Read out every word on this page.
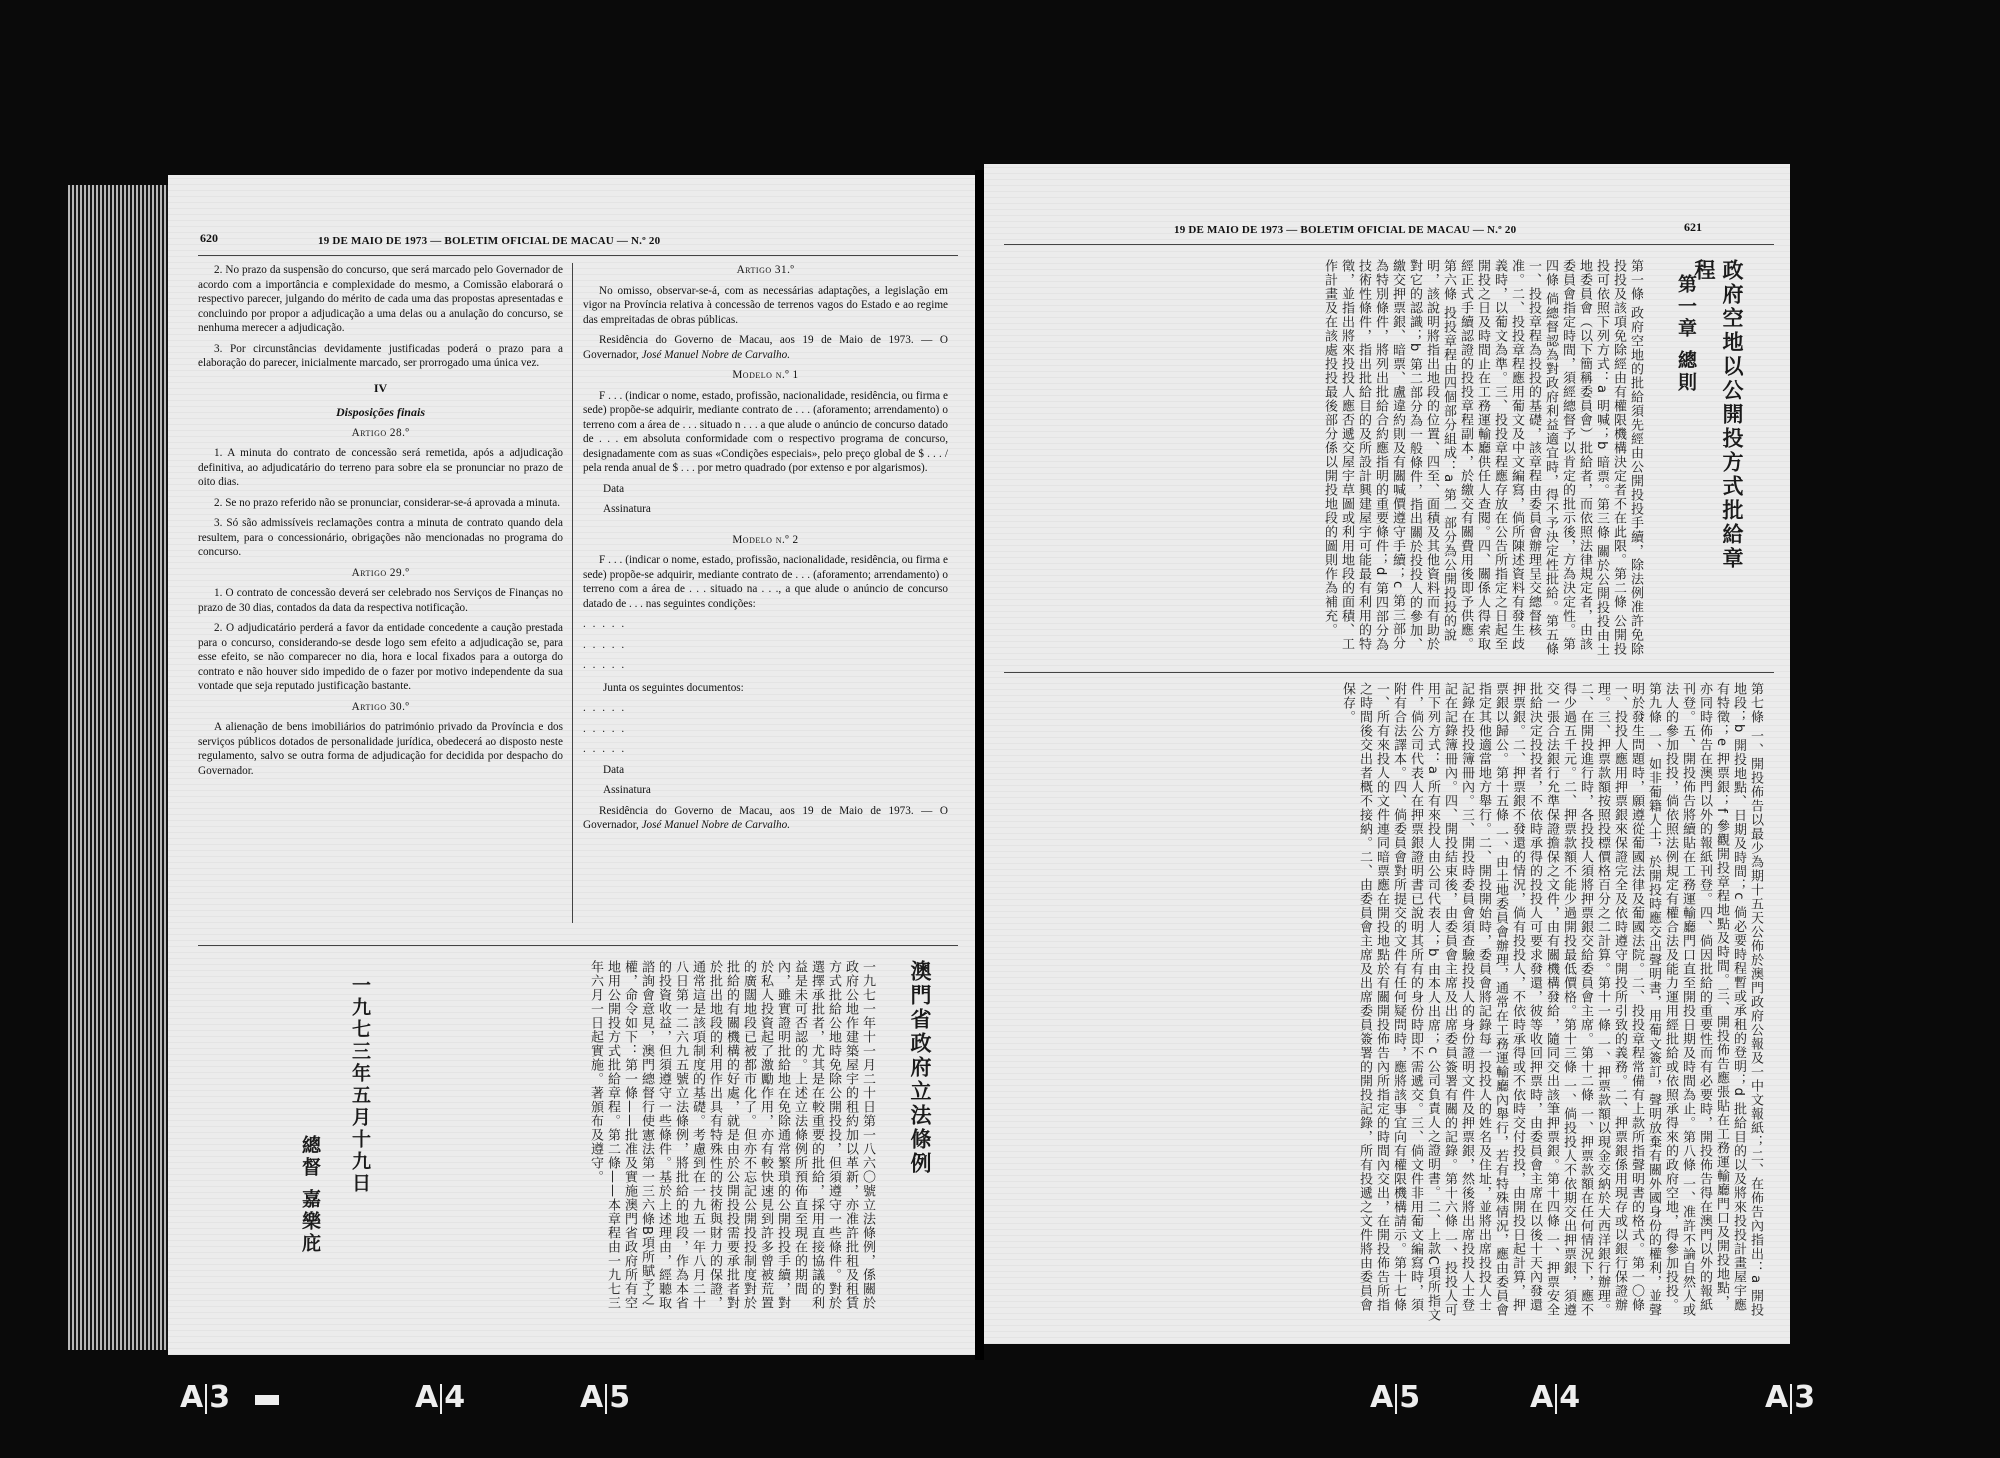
620	19 DE MAIO DE 1973 — BOLETIM OFICIAL DE MACAU — N.º 20

2. No prazo da suspensão do concurso, que será marcado pelo Governador de acordo com a importância e complexidade do mesmo, a Comissão elaborará o respectivo parecer, julgando do mérito de cada uma das propostas apresentadas e concluindo por propor a adjudicação a uma delas ou a anulação do concurso, se nenhuma merecer a adjudicação.

3. Por circunstâncias devidamente justificadas poderá o prazo para a elaboração do parecer, inicialmente marcado, ser prorrogado uma única vez.

IV
Disposições finais

Artigo 28.º

1. A minuta do contrato de concessão será remetida, após a adjudicação definitiva, ao adjudicatário do terreno para sobre ela se pronunciar no prazo de oito dias.

2. Se no prazo referido não se pronunciar, considerar-se-á aprovada a minuta.

3. Só são admissíveis reclamações contra a minuta de contrato quando dela resultem, para o concessionário, obrigações não mencionadas no programa do concurso.

Artigo 29.º

1. O contrato de concessão deverá ser celebrado nos Serviços de Finanças no prazo de 30 dias, contados da data da respectiva notificação.

2. O adjudicatário perderá a favor da entidade concedente a caução prestada para o concurso, considerando-se desde logo sem efeito a adjudicação se, para esse efeito, se não comparecer no dia, hora e local fixados para a outorga do contrato e não houver sido impedido de o fazer por motivo independente da sua vontade que seja reputado justificação bastante.

Artigo 30.º

A alienação de bens imobiliários do património privado da Província e dos serviços públicos dotados de personalidade jurídica, obedecerá ao disposto neste regulamento, salvo se outra forma de adjudicação for decidida por despacho do Governador.

Artigo 31.º

No omisso, observar-se-á, com as necessárias adaptações, a legislação em vigor na Província relativa à concessão de terrenos vagos do Estado e ao regime das empreitadas de obras públicas.

Residência do Governo de Macau, aos 19 de Maio de 1973. — O Governador, José Manuel Nobre de Carvalho.

Modelo n.º 1

F . . . (indicar o nome, estado, profissão, nacionalidade, residência, ou firma e sede) propõe-se adquirir, mediante contrato de . . . (aforamento; arrendamento) o terreno com a área de . . . situado n . . . a que alude o anúncio de concurso datado de . . . em absoluta conformidade com o respectivo programa de concurso, designadamente com as suas «Condições especiais», pelo preço global de $ . . . / pela renda anual de $ . . . por metro quadrado (por extenso e por algarismos).

Data

Assinatura

Modelo n.º 2

F . . . (indicar o nome, estado, profissão, nacionalidade, residência, ou firma e sede) propõe-se adquirir, mediante contrato de . . . (aforamento; arrendamento) o terreno com a área de . . . situado na . . ., a que alude o anúncio de concurso datado de . . . nas seguintes condições:

. . . . .

. . . . .

. . . . .

Junta os seguintes documentos:

. . . . .

. . . . .

. . . . .

Data

Assinatura

Residência do Governo de Macau, aos 19 de Maio de 1973. — O Governador, José Manuel Nobre de Carvalho.

澳門省政府立法條例
一九七一年十一月二十日第一八六〇號立法條例，係關於政府公地作建築屋宇的租約加以革新，亦准許批租及租賃方式批給公地時免除公開投投，但須遵守一些條件。對於選擇承批者，尤其是在較重要的批給，採用直接協議的利益是未可否認的。上述立法條例所預佈直至現在的期間內，雖實證明批給地在免除通常繁瑣的公開投投手續，對於私人投資起了激勵作用，亦有較快速見到許多曾被荒置的廣闊地段已被都市化了。但亦不忘記公開投投制度對於批給的有關機構的好處，就是由於公開投投需要承批者對於批出地段的利用作出具有特殊性的技術與財力的保證，通常這是該項制度的基礎。考慮到在一九五一年八月二十八日第一二六九五號立法條例，將批給的地段，作為本省的投資收益，但須遵守一些條件。基於上述理由，經聽取諮詢會意見，澳門總督行使憲法第一三六條B項所賦予之權，命令如下：第一條——批准及實施澳門省政府所有空地用公開投方式批給章程。第二條——本章程由一九七三年六月一日起實施。著頒布及遵守。
一九七三年五月十九日
總督 嘉樂庇
19 DE MAIO DE 1973 — BOLETIM OFICIAL DE MACAU — N.º 20	621
政府空地以公開投方式批給章程
第一章 總則
第一條 政府空地的批給須先經由公開投投手續，除法例准許免除投投及該項免除經由有權限機構決定者不在此限。第二條 公開投投可依照下列方式：a 明喊；b 暗票。第三條 關於公開投投由土地委員會（以下簡稱委員會）批給者，而依照法律規定者，由該委員會指定時間，須經總督予以肯定的批示後，方為決定性。第四條 倘總督認為對政府利益適宜時，得不予決定性批給。第五條 一、投投章程為投投的基礎，該章程由委員會辦理呈交總督核准。二、投投章程應用葡文及中文編寫，倘所陳述資料有發生歧義時，以葡文為準。三、投投章程應存放在公告所指定之日起至開投之日及時間止在工務運輸廳供任人查閱。四、關係人得索取經正式手續認證的投投章程副本，於繳交有關費用後即予供應。第六條 投投章程由四個部分組成：a 第一部分為公開投投的說明，該說明將指出地段的位置、四至、面積及其他資料而有助於對它的認識；b 第二部分為一般條件，指出關於投投人的參加、繳交押票銀、暗票、盧違約則及有關喊價遵守手續；c 第三部分為特別條件，將列出批給合約應指明的重要條件；d 第四部分為技術性條件，指出批給目的及所設計興建屋宇可能最有利用的特徵，並指出將來投投人應否遞交屋宇草圖或利用地段的面積、工作計畫及在該處投投最後部分係以開投地段的圖則作為補充。
第七條 一、開投佈告以最少為期十五天公佈於澳門政府公報及一中文報紙；二、在佈告內指出：a 開投地段；b 開投地點、日期及時間；c 倘必要時程暫或承租的登明；d 批給目的以及將來投投計畫屋宇應有特徵；e 押票銀；f 參觀開投章程地點及時間。三、開投佈告應張貼在工務運輸廳門口及開投地點，亦同時佈告在澳門以外的報紙刊登。四、倘因批給的重要性而有必要時，開投佈告得在澳門以外的報紙刊登。五、開投佈告將續貼在工務運輸廳門口直至開投日期及時間為止。第八條 一、准許不論自然人或法人的參加投投，倘依照法例規定有權合法及能力運用經批給或依照承得來的政府空地，得參加投投。第九條 一、如非葡籍人士，於開投時應交出聲明書，用葡文簽訂，聲明放棄有關外國身份的權利，並聲明於發生問題時，願遵從葡國法律及葡國法院。二、投投章程常備有上款所指聲明書的格式。第一〇條 一、投投人應用押票銀來保證完全及依時遵守開投所引致的義務。二、押票銀係用現存或以銀行保證辦理。三、押票款額按照投標價格百分之二計算。第十一條 一、押票款額以現金交納於大西洋銀行辦理。二、在開投進行時，各投投人須將押票銀交給委員會主席。第十二條 一、押票款額在任何情況下，應不得少過五千元。二、押票款額不能少過開投最低價格。第十三條 一、倘投投人不依期交出押票銀，須遵交一張合法銀行允準保證擔保之文件，由有關機構發給，隨同交出該筆押票銀。第十四條 一、押票安全批給決定投投者，不依時承得的投投人可要求發還，彼等收回押票時，由委員會主席在以後十天內發還押票銀。二、押票銀不發還的情況，倘有投投人，不依時承得或不依時交付投投，由開投日起計算，押票銀以歸公。第十五條 一、由土地委員會辦理，通常在工務運輸廳內舉行，若有特殊情況，應由委員會指定其他適當地方舉行。二、開投開始時，委員會將記錄每一投投人的姓名及住址，並將出席投投人士記錄在投投簿冊內。三、開投時委員會須查驗投投人的身份證明文件及押票銀，然後將出席投投人士登記在記錄簿冊內。四、開投結束後，由委員會主席及出席委員簽署有關的記錄。第十六條 一、投投人可用下列方式：a 所有來投人由公司代表人；b 由本人出席；c 公司負責人之證明書。二、上款C項所指文件，倘公司代表人在押票銀證明書已說明其所有的身份時即不需遞交。三、倘文件非用葡文編寫時，須附有合法譯本。四、倘委員會對所提交的文件有任何疑問時，應將該事宜向有權限機構請示。第十七條 一、所有來投人的文件連同暗票應在開投地點於有關開投佈告內所指定的時間內交出，在開投佈告所指之時間後交出者概不接納。二、由委員會主席及出席委員簽署的開投記錄，所有投遞之文件將由委員會保存。
A 3	A 4	A 5	A 5	A 4	A 3
